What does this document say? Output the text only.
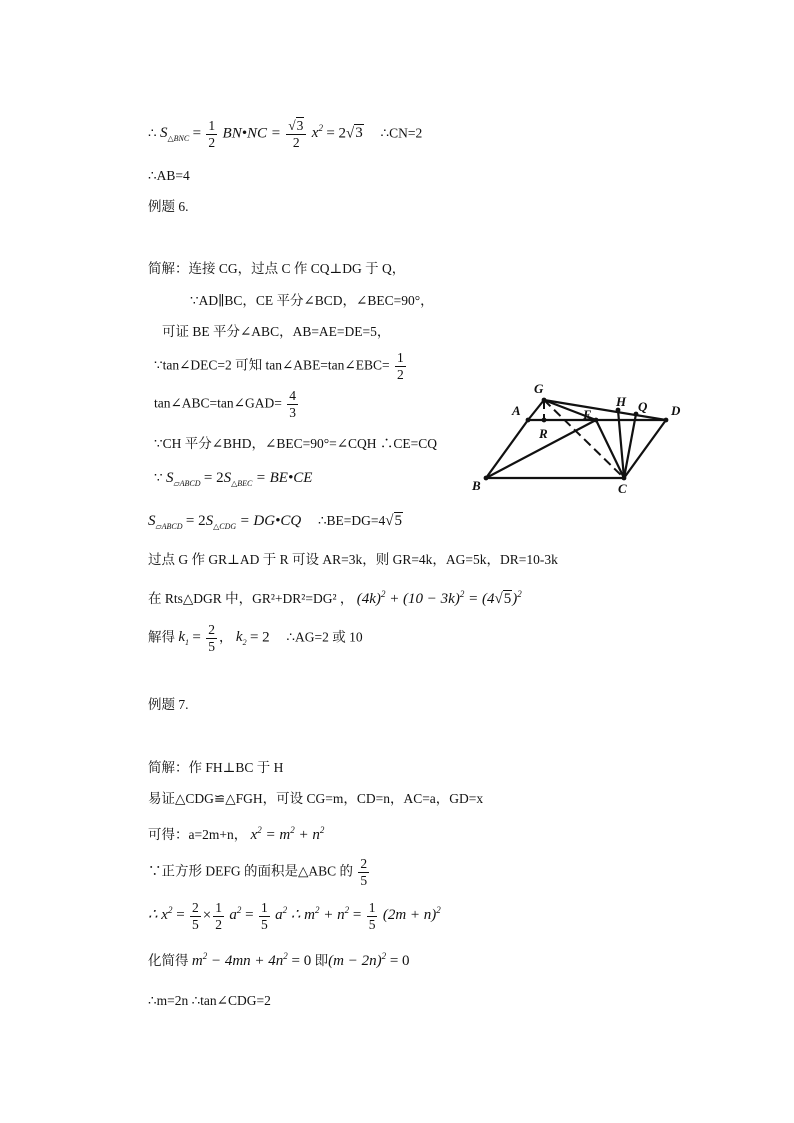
∴ $S_{\triangle BNC} = \frac{1}{2}$ BN•NC = $\frac{√3}{2} x^2 = 2√3$ ∴CN=2
∴AB=4
例题 6.
简解：连接 CG，过点 C 作 CQ⊥DG 于 Q，
∵AD∥BC，CE 平分∠BCD，∠BEC=90°，
可证 BE 平分∠ABC，AB=AE=DE=5，
∵tan∠DEC=2 可知 tan∠ABE=tan∠EBC= $\frac{1}{2}$
tan∠ABC=tan∠GAD= $\frac{4}{3}$
∵CH 平分∠BHD，∠BEC=90°=∠CQH ∴CE=CQ
∵ $S_{▱ABCD} = 2S_{\triangle BEC}$ = BE•CE
$S_{▱ABCD} = 2S_{\triangle CDG}$ = DG•CQ ∴BE=DG=4√5
过点 G 作 GR⊥AD 于 R 可设 AR=3k，则 GR=4k，AG=5k，DR=10-3k
在 Rts△DGR 中，GR²+DR²=DG² ， $(4k)^2 + (10 - 3k)^2 = (4√5)^2$
解得 $k_1 = \frac{2}{5}$ ， $k_2 = 2$ ∴AG=2 或 10
例题 7.
简解：作 FH⊥BC 于 H
易证△CDG≌△FGH，可设 CG=m，CD=n，AC=a，GD=x
可得：a=2m+n， $x^2 = m^2 + n^2$
∵正方形 DEFG 的面积是△ABC 的 $\frac{2}{5}$
∴ $x^2 = \frac{2}{5} \times \frac{1}{2} a^2 = \frac{1}{5} a^2$ ∴ $m^2 + n^2 = \frac{1}{5} (2m + n)^2$
化简得 $m^2 - 4mn + 4n^2 = 0$ 即$(m - 2n)^2 = 0$
∴m=2n ∴tan∠CDG=2
G
A
R
E
H Q D
B	C
